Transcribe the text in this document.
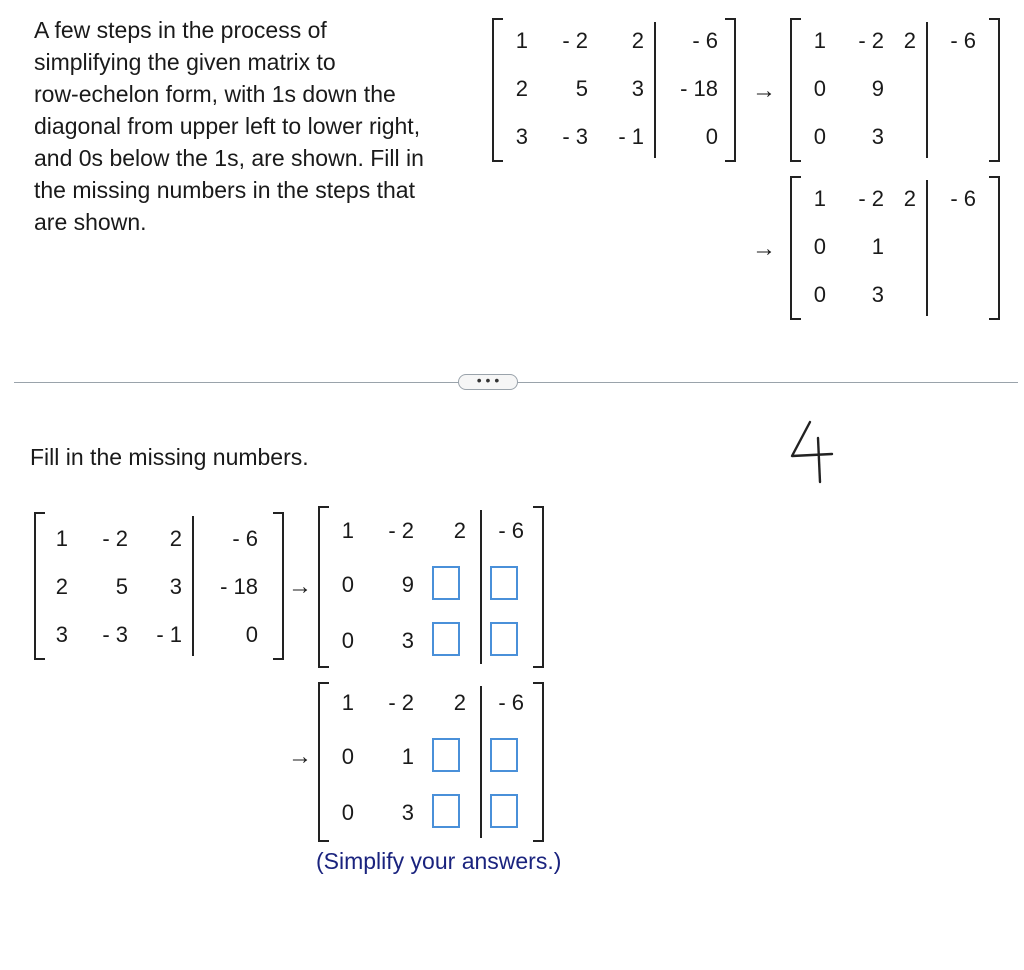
A few steps in the process of

simplifying the given matrix to

row-echelon form, with 1s down the

diagonal from upper left to lower right,

and 0s below the 1s, are shown. Fill in

the missing numbers in the steps that

are shown.

1	- 2	2	- 6
2	5	3	- 18
3	- 3	- 1	0
→
1	- 2 2	- 6
0	9
0	3
→
1	- 2 2	- 6
0	1
0	3
• • •
Fill in the missing numbers.
1	- 2	2	- 6
2	5	3	- 18
3	- 3	- 1	0
→
1	- 2	2	- 6
0	9
0	3
→
1	- 2	2	- 6
0	1
0	3
(Simplify your answers.)
